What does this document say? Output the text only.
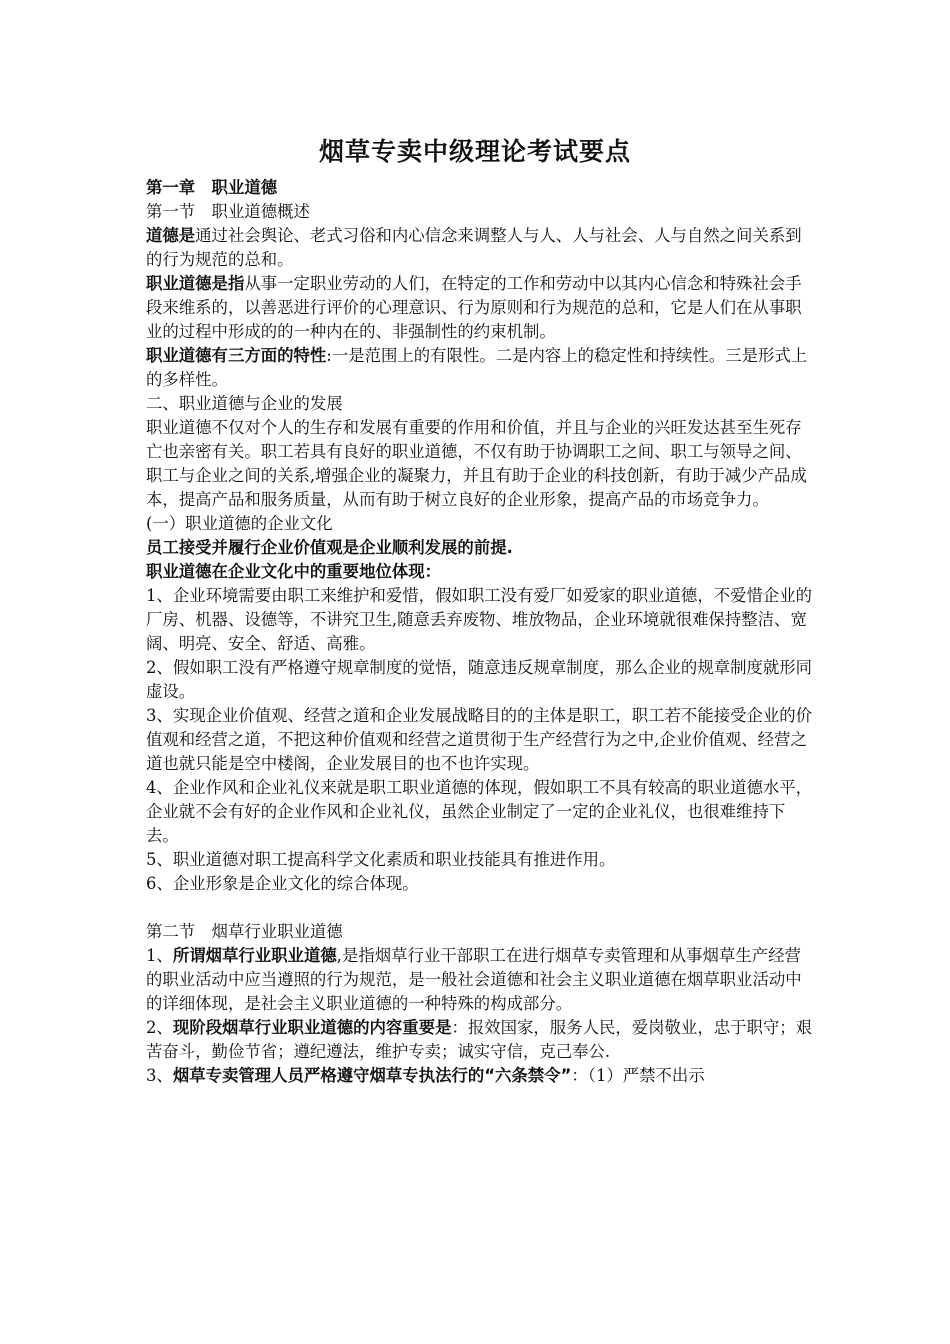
烟草专卖中级理论考试要点

第一章　职业道德

第一节　职业道德概述

道德是通过社会舆论、老式习俗和内心信念来调整人与人、人与社会、人与自然之间关系到的行为规范的总和。

职业道德是指从事一定职业劳动的人们，在特定的工作和劳动中以其内心信念和特殊社会手段来维系的，以善恶进行评价的心理意识、行为原则和行为规范的总和，它是人们在从事职业的过程中形成的的一种内在的、非强制性的约束机制。

职业道德有三方面的特性:一是范围上的有限性。二是内容上的稳定性和持续性。三是形式上的多样性。

二、职业道德与企业的发展

职业道德不仅对个人的生存和发展有重要的作用和价值，并且与企业的兴旺发达甚至生死存亡也亲密有关。职工若具有良好的职业道德，不仅有助于协调职工之间、职工与领导之间、职工与企业之间的关系,增强企业的凝聚力，并且有助于企业的科技创新，有助于减少产品成本，提高产品和服务质量，从而有助于树立良好的企业形象，提高产品的市场竞争力。

(一）职业道德的企业文化

员工接受并履行企业价值观是企业顺利发展的前提.

职业道德在企业文化中的重要地位体现：

1、企业环境需要由职工来维护和爱惜，假如职工没有爱厂如爱家的职业道德，不爱惜企业的厂房、机器、设德等，不讲究卫生,随意丢弃废物、堆放物品，企业环境就很难保持整洁、宽阔、明亮、安全、舒适、高雅。

2、假如职工没有严格遵守规章制度的觉悟，随意违反规章制度，那么企业的规章制度就形同虚设。

3、实现企业价值观、经营之道和企业发展战略目的的主体是职工，职工若不能接受企业的价值观和经营之道，不把这种价值观和经营之道贯彻于生产经营行为之中,企业价值观、经营之道也就只能是空中楼阁，企业发展目的也不也许实现。

4、企业作风和企业礼仪来就是职工职业道德的体现，假如职工不具有较高的职业道德水平，企业就不会有好的企业作风和企业礼仪，虽然企业制定了一定的企业礼仪，也很难维持下去。

5、职业道德对职工提高科学文化素质和职业技能具有推进作用。

6、企业形象是企业文化的综合体现。

第二节　烟草行业职业道德

1、所谓烟草行业职业道德,是指烟草行业干部职工在进行烟草专卖管理和从事烟草生产经营的职业活动中应当遵照的行为规范，是一般社会道德和社会主义职业道德在烟草职业活动中的详细体现，是社会主义职业道德的一种特殊的构成部分。

2、现阶段烟草行业职业道德的内容重要是：报效国家，服务人民，爱岗敬业，忠于职守；艰苦奋斗，勤俭节省；遵纪遵法，维护专卖；诚实守信，克己奉公.

3、烟草专卖管理人员严格遵守烟草专执法行的“六条禁令”：（1）严禁不出示
